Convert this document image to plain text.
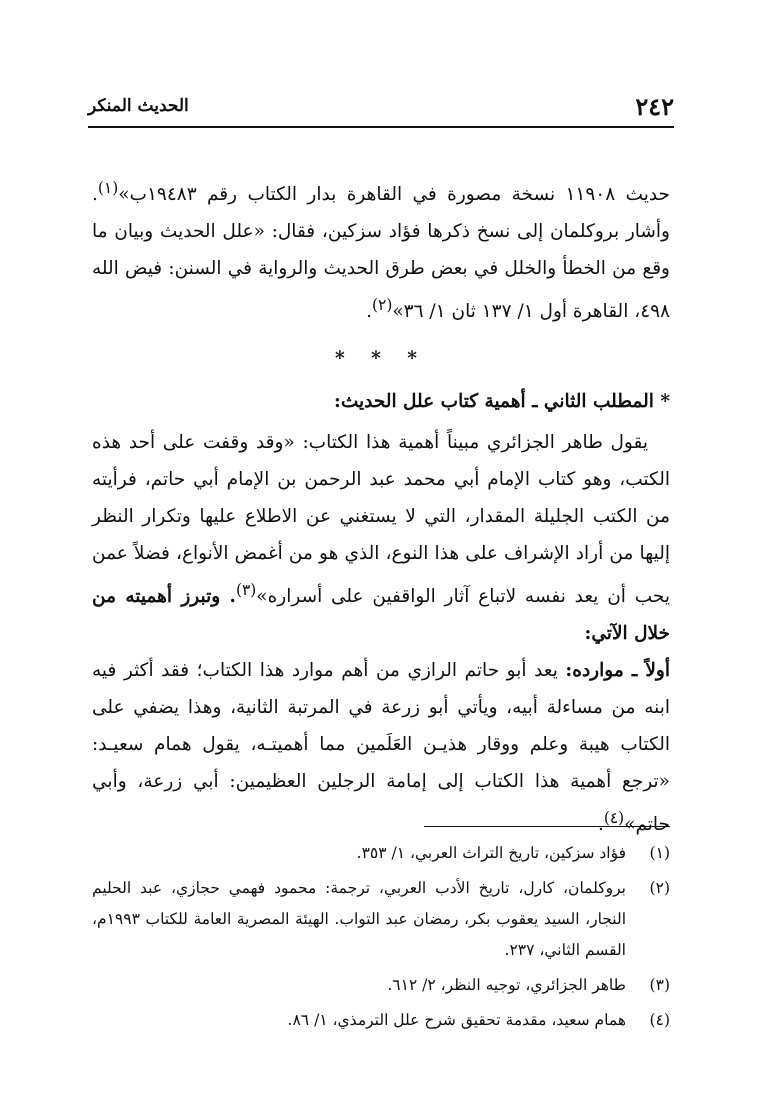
٢٤٢
الحديث المنكر

حديث ١١٩٠٨ نسخة مصورة في القاهرة بدار الكتاب رقم ١٩٤٨٣ب»$^{(١)}$. وأشار بروكلمان إلى نسخ ذكرها فؤاد سزكين، فقال: «علل الحديث وبيان ما وقع من الخطأ والخلل في بعض طرق الحديث والرواية في السنن: فيض الله ٤٩٨، القاهرة أول ١/ ١٣٧ ثان ١/ ٣٦»$^{(٢)}$.

* * *

* المطلب الثاني ـ أهمية كتاب علل الحديث:

يقول طاهر الجزائري مبيناً أهمية هذا الكتاب: «وقد وقفت على أحد هذه الكتب، وهو كتاب الإمام أبي محمد عبد الرحمن بن الإمام أبي حاتم، فرأيته من الكتب الجليلة المقدار، التي لا يستغني عن الاطلاع عليها وتكرار النظر إليها من أراد الإشراف على هذا النوع، الذي هو من أغمض الأنواع، فضلاً عمن يحب أن يعد نفسه لاتباع آثار الواقفين على أسراره»$^{(٣)}$. وتبرز أهميته من خلال الآتي:

أولاً ـ موارده: يعد أبو حاتم الرازي من أهم موارد هذا الكتاب؛ فقد أكثر فيه ابنه من مساءلة أبيه، ويأتي أبو زرعة في المرتبة الثانية، وهذا يضفي على الكتاب هيبة وعلم ووقار هذيـن العَلَمين مما أهميتـه، يقول همام سعيـد: «ترجع أهمية هذا الكتاب إلى إمامة الرجلين العظيمين: أبي زرعة، وأبي حاتم»$^{(٤)}$.

(١)
فؤاد سزكين، تاريخ التراث العربي، ١/ ٣٥٣.
(٢)
بروكلمان، كارل، تاريخ الأدب العربي، ترجمة: محمود فهمي حجازي، عبد الحليم النجار، السيد يعقوب بكر، رمضان عبد التواب. الهيئة المصرية العامة للكتاب ١٩٩٣م، القسم الثاني، ٢٣٧.
(٣)
طاهر الجزائري، توجيه النظر، ٢/ ٦١٢.
(٤)
همام سعيد، مقدمة تحقيق شرح علل الترمذي، ١/ ٨٦.
